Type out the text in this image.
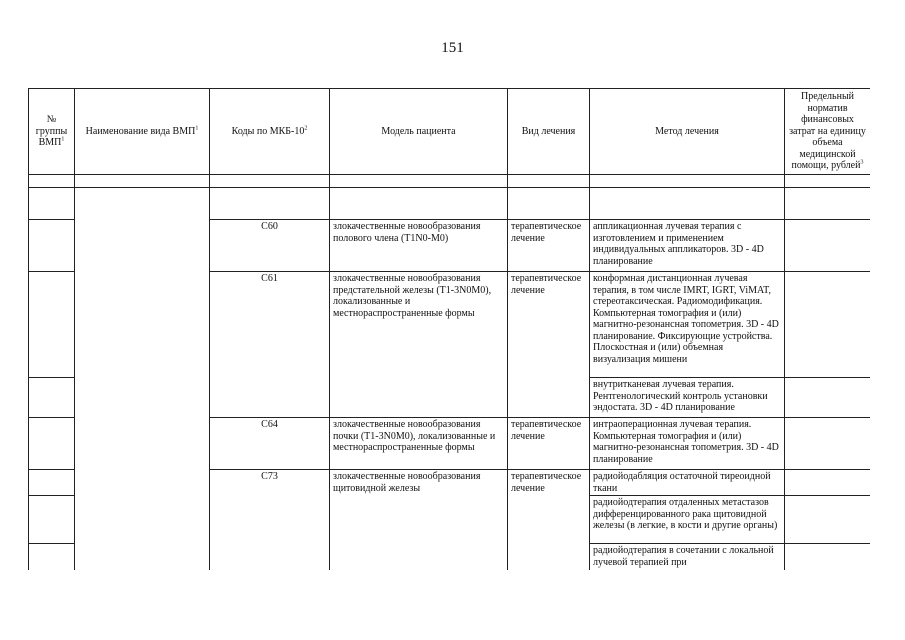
151
№ группы ВМП$^1$	Наименование вида ВМП$^1$	Коды по МКБ-$10^2$	Модель пациента	Вид лечения	Метод лечения	Предельный норматив финансовых затрат на единицу объема медицинской помощи, рублей$^3$

		C60	злокачественные новообразования полового члена (T1N0-M0)	терапевтическое лечение	аппликационная лучевая терапия с изготовлением и применением индивидуальных аппликаторов. 3D - 4D планирование	
		C61	злокачественные новообразования предстательной железы (T1-3N0M0), локализованные и местнораспространенные формы	терапевтическое лечение	конформная дистанционная лучевая терапия, в том числе IMRT, IGRT, ViMAT, стереотаксическая. Радиомодификация. Компьютерная томография и (или) магнитно-резонансная топометрия. 3D - 4D планирование. Фиксирующие устройства. Плоскостная и (или) объемная визуализация мишени	
					внутритканевая лучевая терапия. Рентгенологический контроль установки эндостата. 3D - 4D планирование	
		C64	злокачественные новообразования почки (T1-3N0M0), локализованные и местнораспространенные формы	терапевтическое лечение	интраоперационная лучевая терапия. Компьютерная томография и (или) магнитно-резонансная топометрия. 3D - 4D планирование	
		C73	злокачественные новообразования щитовидной железы	терапевтическое лечение	радиойодабляция остаточной тиреоидной ткани	
					радиойодтерапия отдаленных метастазов дифференцированного рака щитовидной железы (в легкие, в кости и другие органы)	
					радиойодтерапия в сочетании с локальной лучевой терапией при	
